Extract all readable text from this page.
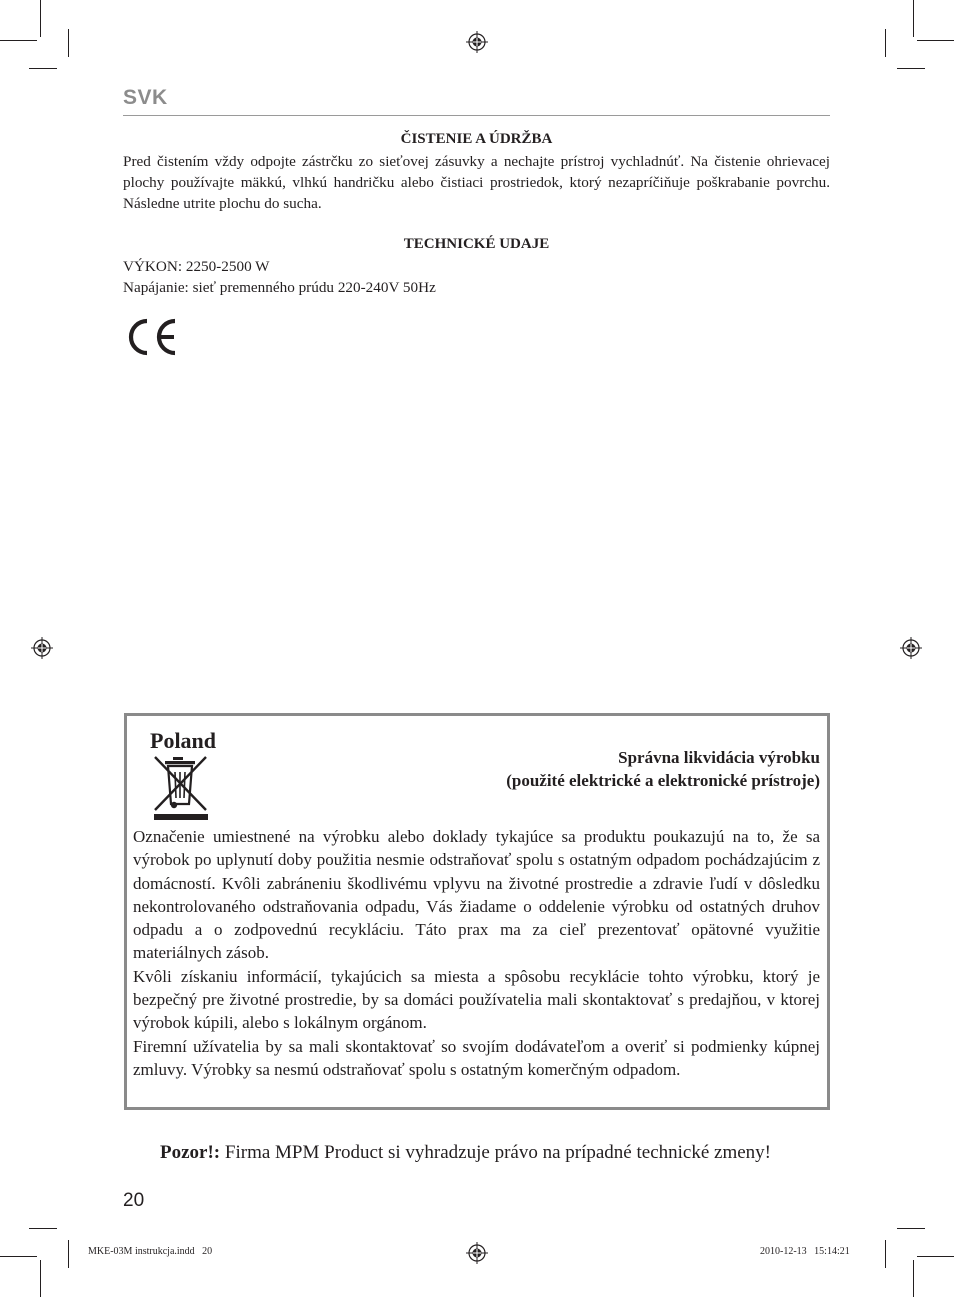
SVK
ČISTENIE A ÚDRŽBA
Pred čistením vždy odpojte zástrčku zo sieťovej zásuvky a nechajte prístroj vychladnúť. Na čistenie ohrievacej plochy používajte mäkkú, vlhkú handričku alebo čistiaci prostriedok, ktorý nezapríčiňuje poškrabanie povrchu. Následne utrite plochu do sucha.
TECHNICKÉ UDAJE
VÝKON: 2250-2500 W
Napájanie: sieť premenného prúdu 220-240V 50Hz
Poland
Správna likvidácia výrobku
(použité elektrické a elektronické prístroje)

Označenie umiestnené na výrobku alebo doklady tykajúce sa produktu poukazujú na to, že sa výrobok po uplynutí doby použitia nesmie odstraňovať spolu s ostatným odpadom pochádzajúcim z domácností. Kvôli zabráneniu škodlivému vplyvu na životné prostredie a zdravie ľudí v dôsledku nekontrolovaného odstraňovania odpadu, Vás žiadame o oddelenie výrobku od ostatných druhov odpadu a o zodpovednú recykláciu. Táto prax ma za cieľ prezentovať opätovné využitie materiálnych zásob.

Kvôli získaniu informácií, tykajúcich sa miesta a spôsobu recyklácie tohto výrobku, ktorý je bezpečný pre životné prostredie, by sa domáci používatelia mali skontaktovať s predajňou, v ktorej výrobok kúpili, alebo s lokálnym orgánom.

Firemní užívatelia by sa mali skontaktovať so svojím dodávateľom a overiť si podmienky kúpnej zmluvy. Výrobky sa nesmú odstraňovať spolu s ostatným komerčným odpadom.

Pozor!: Firma MPM Product si vyhradzuje právo na prípadné technické zmeny!
20
MKE-03M instrukcja.indd   20	2010-12-13   15:14:21
